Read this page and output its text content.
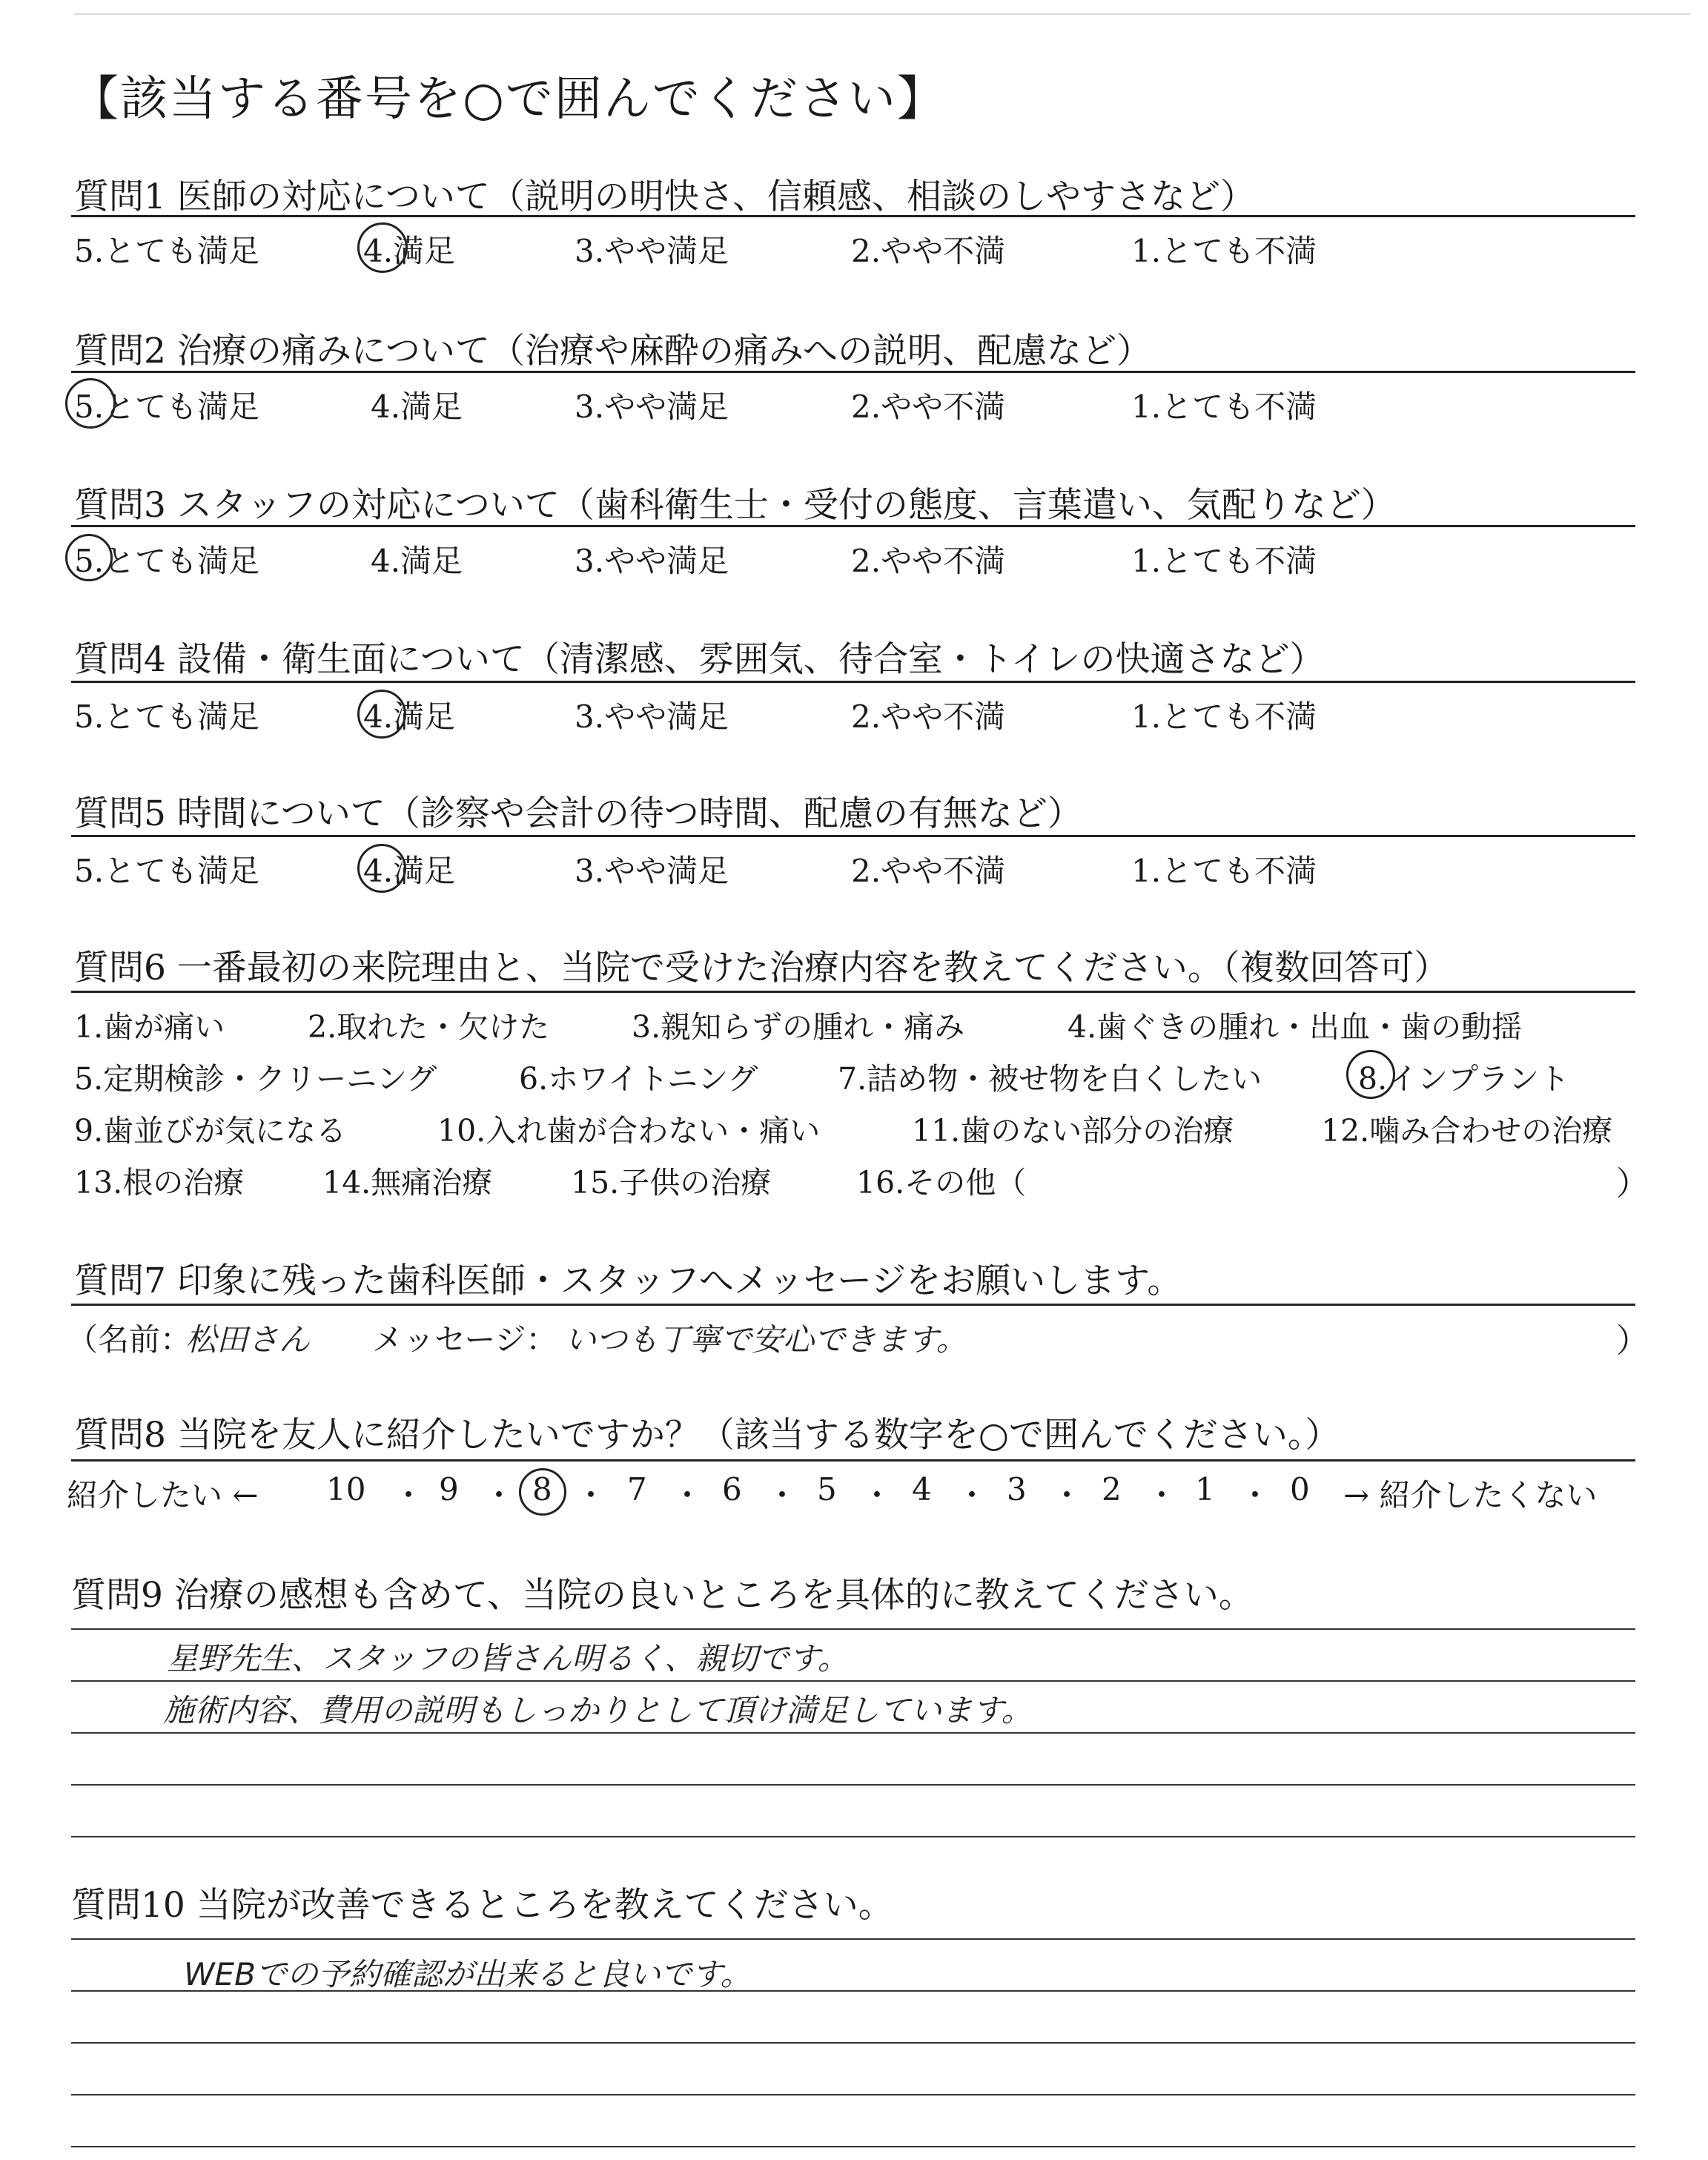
【該当する番号を○で囲んでください】
質問1 医師の対応について（説明の明快さ、信頼感、相談のしやすさなど）
5.とても満足	4.満足	3.やや満足	2.やや不満	1.とても不満
質問2 治療の痛みについて（治療や麻酔の痛みへの説明、配慮など）
5.とても満足	4.満足	3.やや満足	2.やや不満	1.とても不満
質問3 スタッフの対応について（歯科衛生士・受付の態度、言葉遣い、気配りなど）
5.とても満足	4.満足	3.やや満足	2.やや不満	1.とても不満
質問4 設備・衛生面について（清潔感、雰囲気、待合室・トイレの快適さなど）
5.とても満足	4.満足	3.やや満足	2.やや不満	1.とても不満
質問5 時間について（診察や会計の待つ時間、配慮の有無など）
5.とても満足	4.満足	3.やや満足	2.やや不満	1.とても不満
質問6 一番最初の来院理由と、当院で受けた治療内容を教えてください。（複数回答可）
1.歯が痛い	2.取れた・欠けた	3.親知らずの腫れ・痛み	4.歯ぐきの腫れ・出血・歯の動揺
5.定期検診・クリーニング	6.ホワイトニング	7.詰め物・被せ物を白くしたい	8.インプラント
9.歯並びが気になる	10.入れ歯が合わない・痛い	11.歯のない部分の治療	12.噛み合わせの治療
13.根の治療	14.無痛治療	15.子供の治療	16.その他（	）
質問7 印象に残った歯科医師・スタッフへメッセージをお願いします。
（名前：
松田さん メッセージ： いつも丁寧で安心できます。	）
質問8 当院を友人に紹介したいですか？（該当する数字を○で囲んでください。）
紹介したい ←	→ 紹介したくない
10 ・ 9 ・ 8 ・ 7 ・ 6 ・ 5 ・ 4 ・ 3 ・ 2 ・ 1 ・ 0
質問9 治療の感想も含めて、当院の良いところを具体的に教えてください。
星野先生、スタッフの皆さん明るく、親切です。
施術内容、費用の説明もしっかりとして頂け満足しています。
質問10 当院が改善できるところを教えてください。
WEBでの予約確認が出来ると良いです。
